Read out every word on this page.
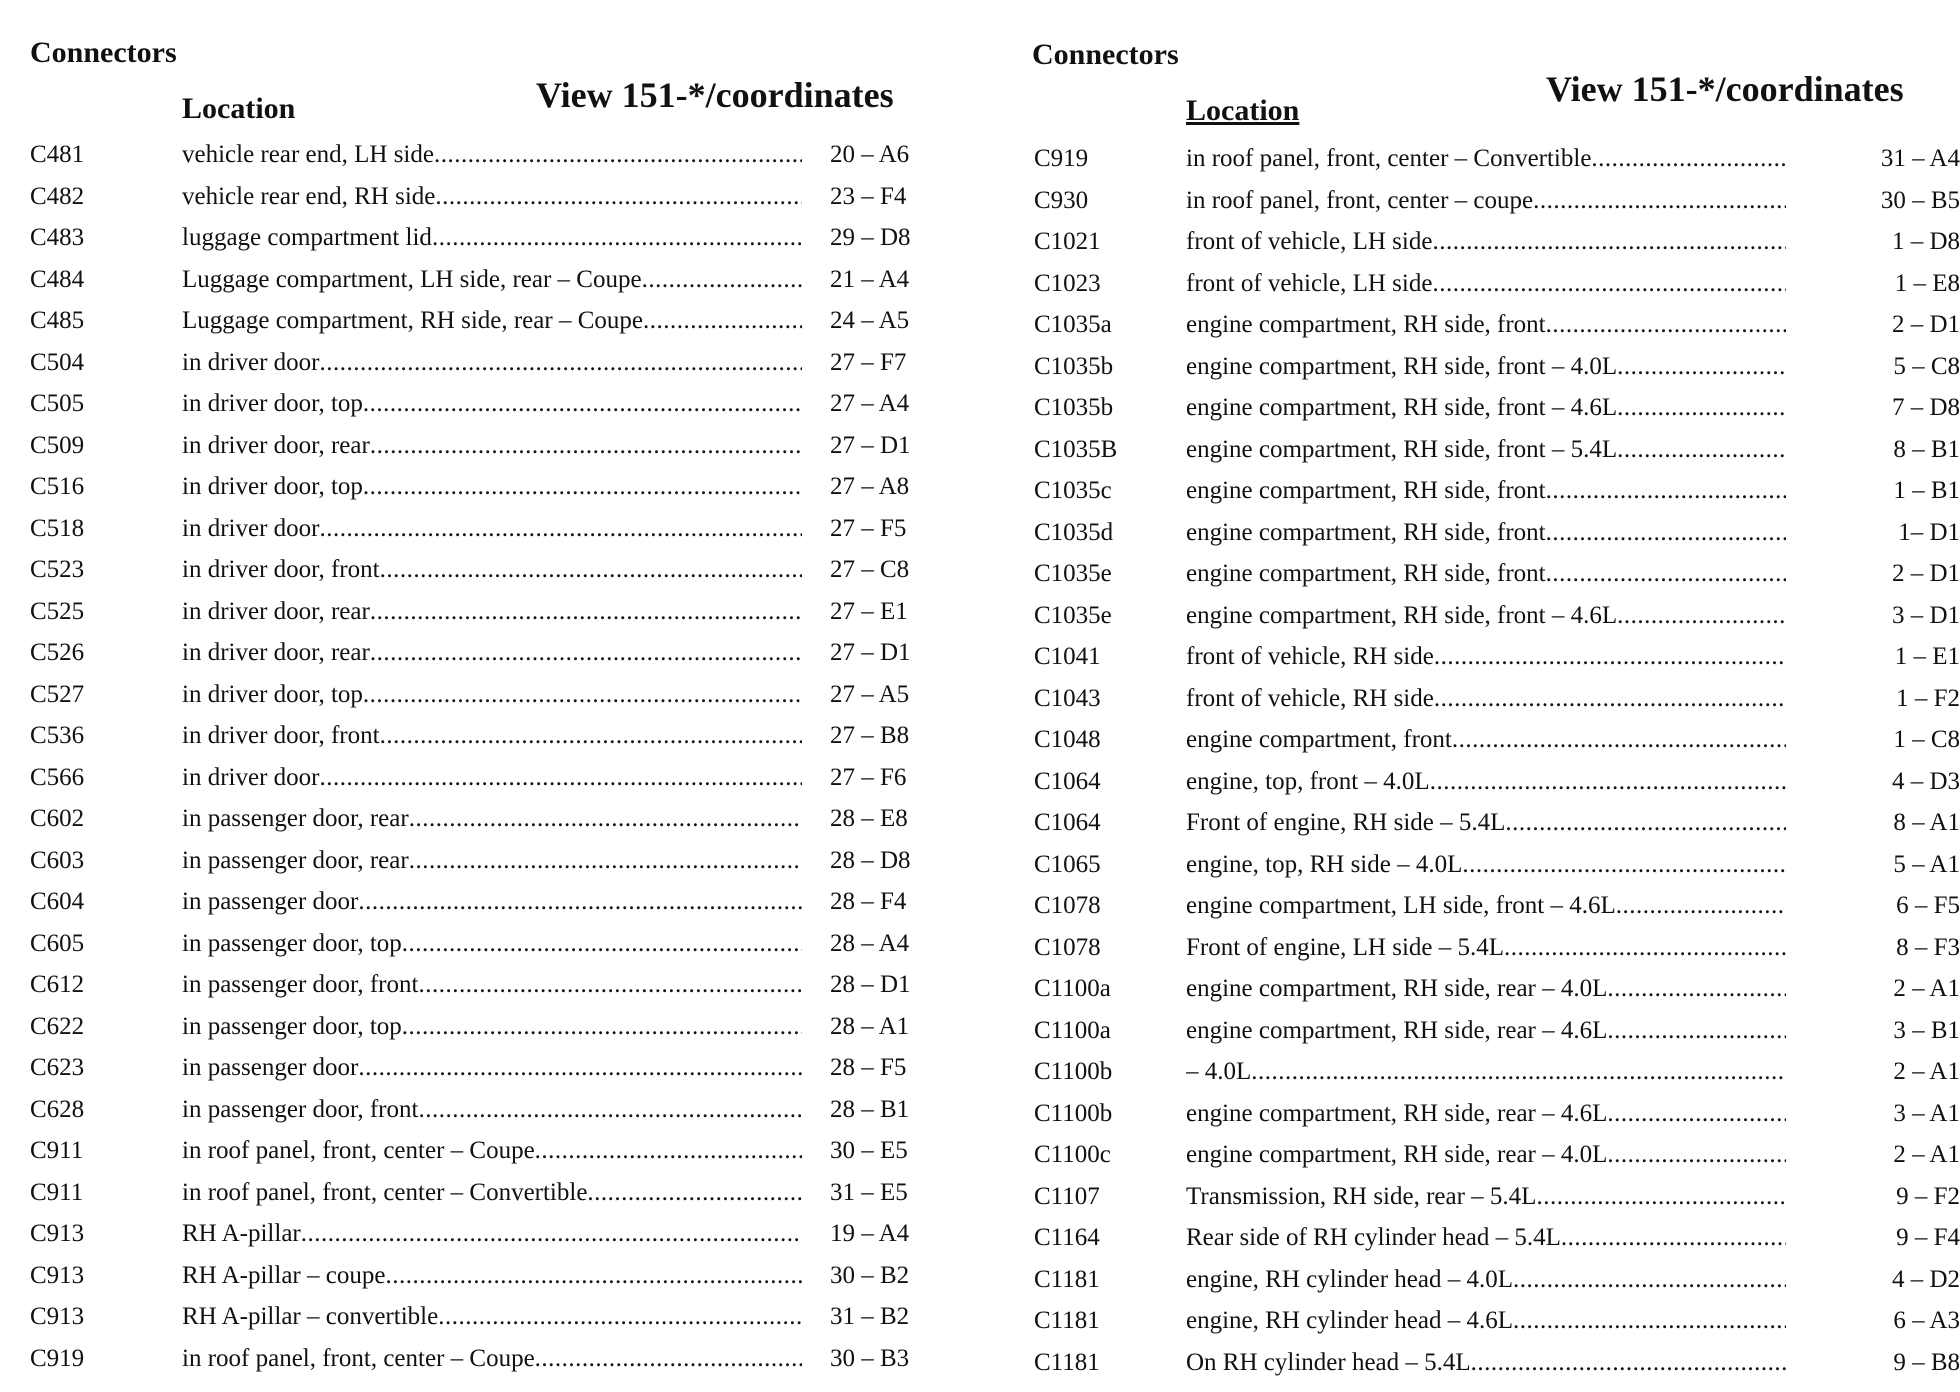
Connectors
Location	View 151-*/coordinates
C481	vehicle rear end, LH side .....	20 – A6
C482	vehicle rear end, RH side .....	23 – F4
C483	luggage compartment lid .....	29 – D8
C484	Luggage compartment, LH side, rear – Coupe .....	21 – A4
C485	Luggage compartment, RH side, rear – Coupe .....	24 – A5
C504	in driver door .....	27 – F7
C505	in driver door, top .....	27 – A4
C509	in driver door, rear .....	27 – D1
C516	in driver door, top .....	27 – A8
C518	in driver door .....	27 – F5
C523	in driver door, front .....	27 – C8
C525	in driver door, rear .....	27 – E1
C526	in driver door, rear .....	27 – D1
C527	in driver door, top .....	27 – A5
C536	in driver door, front .....	27 – B8
C566	in driver door .....	27 – F6
C602	in passenger door, rear .....	28 – E8
C603	in passenger door, rear .....	28 – D8
C604	in passenger door .....	28 – F4
C605	in passenger door, top .....	28 – A4
C612	in passenger door, front .....	28 – D1
C622	in passenger door, top .....	28 – A1
C623	in passenger door .....	28 – F5
C628	in passenger door, front .....	28 – B1
C911	in roof panel, front, center – Coupe .....	30 – E5
C911	in roof panel, front, center – Convertible .....	31 – E5
C913	RH A-pillar .....	19 – A4
C913	RH A-pillar – coupe .....	30 – B2
C913	RH A-pillar – convertible .....	31 – B2
C919	in roof panel, front, center – Coupe .....	30 – B3
Connectors
Location
View 151-*/coordinates
C919	in roof panel, front, center – Convertible .....	31 – A4
C930	in roof panel, front, center – coupe .....	30 – B5
C1021	front of vehicle, LH side .....	1 – D8
C1023	front of vehicle, LH side .....	1 – E8
C1035a	engine compartment, RH side, front .....	2 – D1
C1035b	engine compartment, RH side, front – 4.0L .....	5 – C8
C1035b	engine compartment, RH side, front – 4.6L .....	7 – D8
C1035B	engine compartment, RH side, front – 5.4L .....	8 – B1
C1035c	engine compartment, RH side, front .....	1 – B1
C1035d	engine compartment, RH side, front .....	1– D1
C1035e	engine compartment, RH side, front .....	2 – D1
C1035e	engine compartment, RH side, front – 4.6L .....	3 – D1
C1041	front of vehicle, RH side .....	1 – E1
C1043	front of vehicle, RH side .....	1 – F2
C1048	engine compartment, front .....	1 – C8
C1064	engine, top, front – 4.0L .....	4 – D3
C1064	Front of engine, RH side – 5.4L .....	8 – A1
C1065	engine, top, RH side – 4.0L .....	5 – A1
C1078	engine compartment, LH side, front – 4.6L .....	6 – F5
C1078	Front of engine, LH side – 5.4L .....	8 – F3
C1100a	engine compartment, RH side, rear – 4.0L .....	2 – A1
C1100a	engine compartment, RH side, rear – 4.6L .....	3 – B1
C1100b	– 4.0L .....	2 – A1
C1100b	engine compartment, RH side, rear – 4.6L .....	3 – A1
C1100c	engine compartment, RH side, rear – 4.0L .....	2 – A1
C1107	Transmission, RH side, rear – 5.4L .....	9 – F2
C1164	Rear side of RH cylinder head – 5.4L .....	9 – F4
C1181	engine, RH cylinder head – 4.0L .....	4 – D2
C1181	engine, RH cylinder head – 4.6L .....	6 – A3
C1181	On RH cylinder head – 5.4L .....	9 – B8
